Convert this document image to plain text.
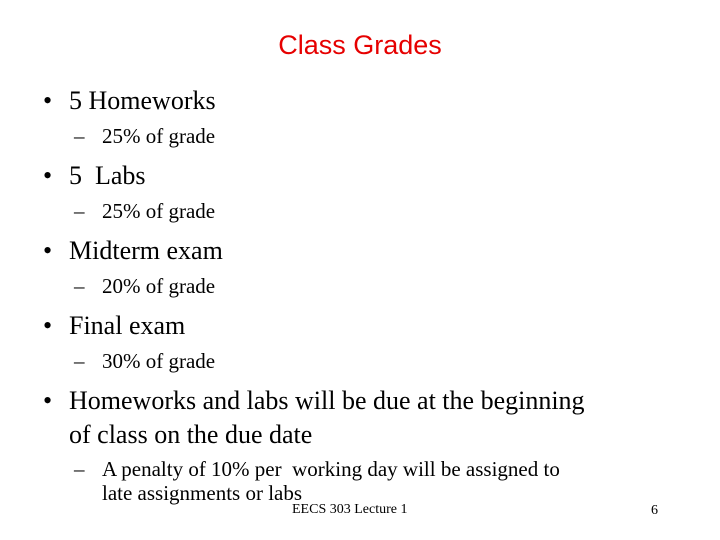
Class Grades
• 5 Homeworks
– 25% of grade
• 5  Labs
– 25% of grade
• Midterm exam
– 20% of grade
• Final exam
– 30% of grade
• Homeworks and labs will be due at the beginning
of class on the due date
– A penalty of 10% per  working day will be assigned to
late assignments or labs
EECS 303 Lecture 1	6
